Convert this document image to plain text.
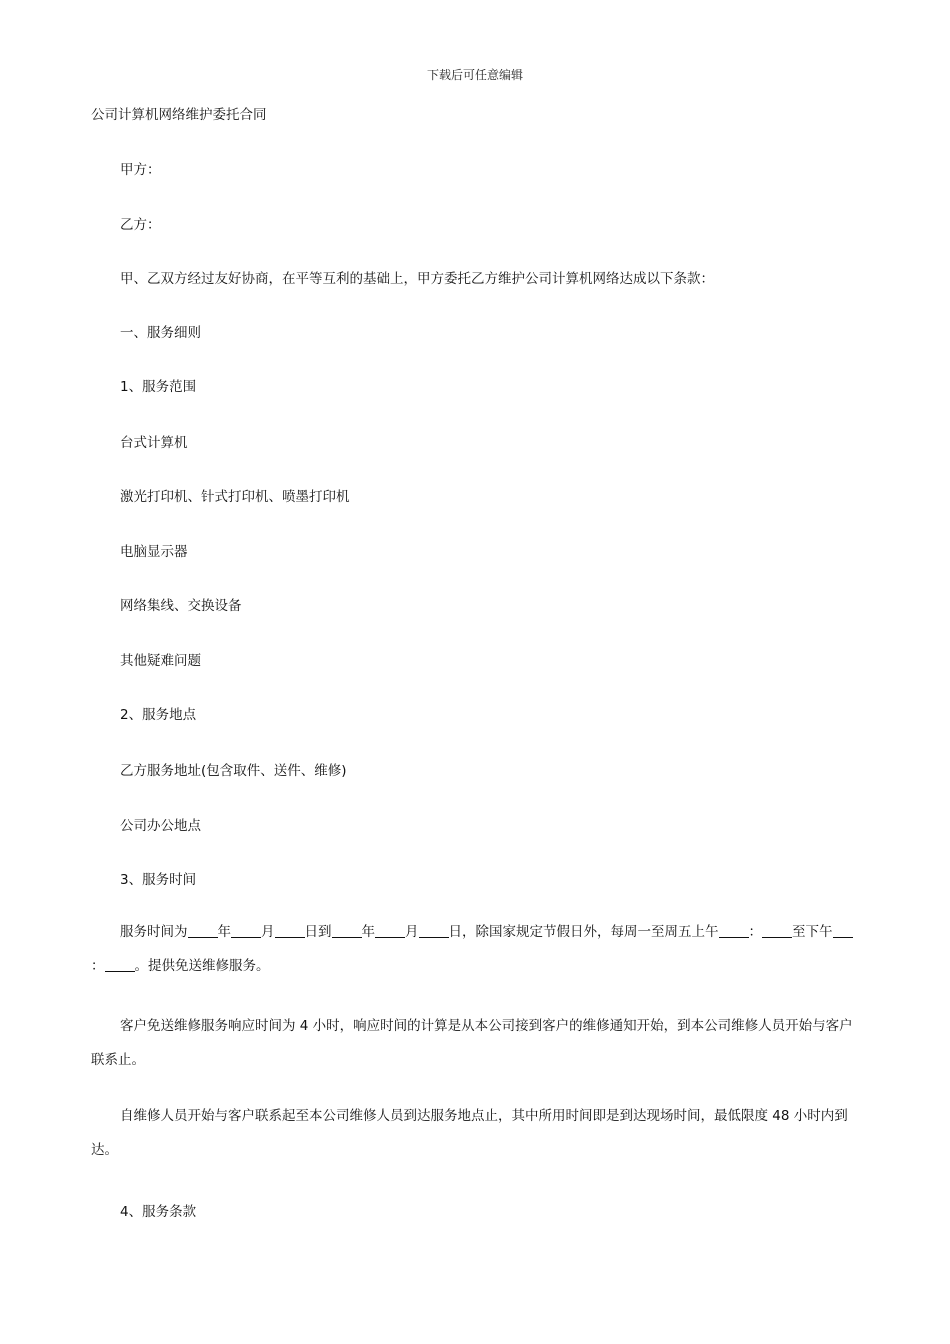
下载后可任意编辑
公司计算机网络维护委托合同
甲方：
乙方：
甲、乙双方经过友好协商，在平等互利的基础上，甲方委托乙方维护公司计算机网络达成以下条款：
一、服务细则
1、服务范围
台式计算机
激光打印机、针式打印机、喷墨打印机
电脑显示器
网络集线、交换设备
其他疑难问题
2、服务地点
乙方服务地址(包含取件、送件、维修)
公司办公地点
3、服务时间
服务时间为 年 月 日到 年 月 日，除国家规定节假日外，每周一至周五上午 ： 至下午： 。提供免送维修服务。
客户免送维修服务响应时间为 4 小时，响应时间的计算是从本公司接到客户的维修通知开始，到本公司维修人员开始与客户联系止。
自维修人员开始与客户联系起至本公司维修人员到达服务地点止，其中所用时间即是到达现场时间，最低限度 48 小时内到达。
4、服务条款
